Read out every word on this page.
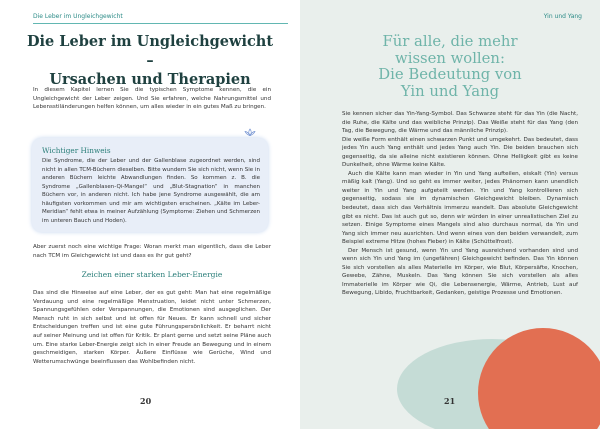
Die Leber im Ungleichgewicht
Die Leber im Ungleichgewicht –
Ursachen und Therapien

In diesem Kapitel lernen Sie die typischen Symptome kennen, die ein Ungleichgewicht der Leber zeigen. Und Sie erfahren, welche Nahrungsmittel und Lebensstiländerungen helfen können, um alles wieder in ein gutes Maß zu bringen.

Wichtiger Hinweis

Die Syndrome, die der Leber und der Gallenblase zugeordnet werden, sind nicht in allen TCM-Büchern dieselben. Bitte wundern Sie sich nicht, wenn Sie in anderen Büchern leichte Abwandlungen finden. So kommen z. B. die Syndrome „Gallenblasen-Qi-Mangel“ und „Blut-Stagnation“ in manchen Büchern vor, in anderen nicht. Ich habe jene Syndrome ausgewählt, die am häufigsten vorkommen und mir am wichtigsten erscheinen. „Kälte im Leber-Meridian“ fehlt etwa in meiner Aufzählung (Symptome: Ziehen und Schmerzen im unteren Bauch und Hoden).

Aber zuerst noch eine wichtige Frage: Woran merkt man eigentlich, dass die Leber nach TCM im Gleichgewicht ist und dass es ihr gut geht?

Zeichen einer starken Leber-Energie

Das sind die Hinweise auf eine Leber, der es gut geht: Man hat eine regelmäßige Verdauung und eine regelmäßige Menstruation, leidet nicht unter Schmerzen, Spannungsgefühlen oder Verspannungen, die Emotionen sind ausgeglichen. Der Mensch ruht in sich selbst und ist offen für Neues. Er kann schnell und sicher Entscheidungen treffen und ist eine gute Führungspersönlichkeit. Er beharrt nicht auf seiner Meinung und ist offen für Kritik. Er plant gerne und setzt seine Pläne auch um. Eine starke Leber-Energie zeigt sich in einer Freude an Bewegung und in einem geschmeidigen, starken Körper. Äußere Einflüsse wie Gerüche, Wind und Wetterumschwünge beeinflussen das Wohlbefinden nicht.

20
Yin und Yang
Für alle, die mehr
wissen wollen:
Die Bedeutung von
Yin und Yang

Sie kennen sicher das Yin-Yang-Symbol. Das Schwarze steht für das Yin (die Nacht, die Ruhe, die Kälte und das weibliche Prinzip). Das Weiße steht für das Yang (den Tag, die Bewegung, die Wärme und das männliche Prinzip).

Die weiße Form enthält einen schwarzen Punkt und umgekehrt. Das bedeutet, dass jedes Yin auch Yang enthält und jedes Yang auch Yin. Die beiden brauchen sich gegenseitig, da sie alleine nicht existieren können. Ohne Helligkeit gibt es keine Dunkelheit, ohne Wärme keine Kälte.

Auch die Kälte kann man wieder in Yin und Yang aufteilen, eiskalt (Yin) versus mäßig kalt (Yang). Und so geht es immer weiter, jedes Phänomen kann unendlich weiter in Yin und Yang aufgeteilt werden. Yin und Yang kontrollieren sich gegenseitig, sodass sie im dynamischen Gleichgewicht bleiben. Dynamisch bedeutet, dass sich das Verhältnis immerzu wandelt. Das absolute Gleichgewicht gibt es nicht. Das ist auch gut so, denn wir würden in einer unrealistischen Ziel zu setzen. Einige Symptome eines Mangels sind also durchaus normal, da Yin und Yang sich immer neu ausrichten. Und wenn eines von den beiden verwandelt, zum Beispiel extreme Hitze (hohes Fieber) in Kälte (Schüttelfrost).

Der Mensch ist gesund, wenn Yin und Yang ausreichend vorhanden sind und wenn sich Yin und Yang im (ungefähren) Gleichgewicht befinden. Das Yin können Sie sich vorstellen als alles Materielle im Körper, wie Blut, Körpersäfte, Knochen, Gewebe, Zähne, Muskeln. Das Yang können Sie sich vorstellen als alles Immaterielle im Körper wie Qi, die Lebensenergie, Wärme, Antrieb, Lust auf Bewegung, Libido, Fruchtbarkeit, Gedanken, geistige Prozesse und Emotionen.

21
